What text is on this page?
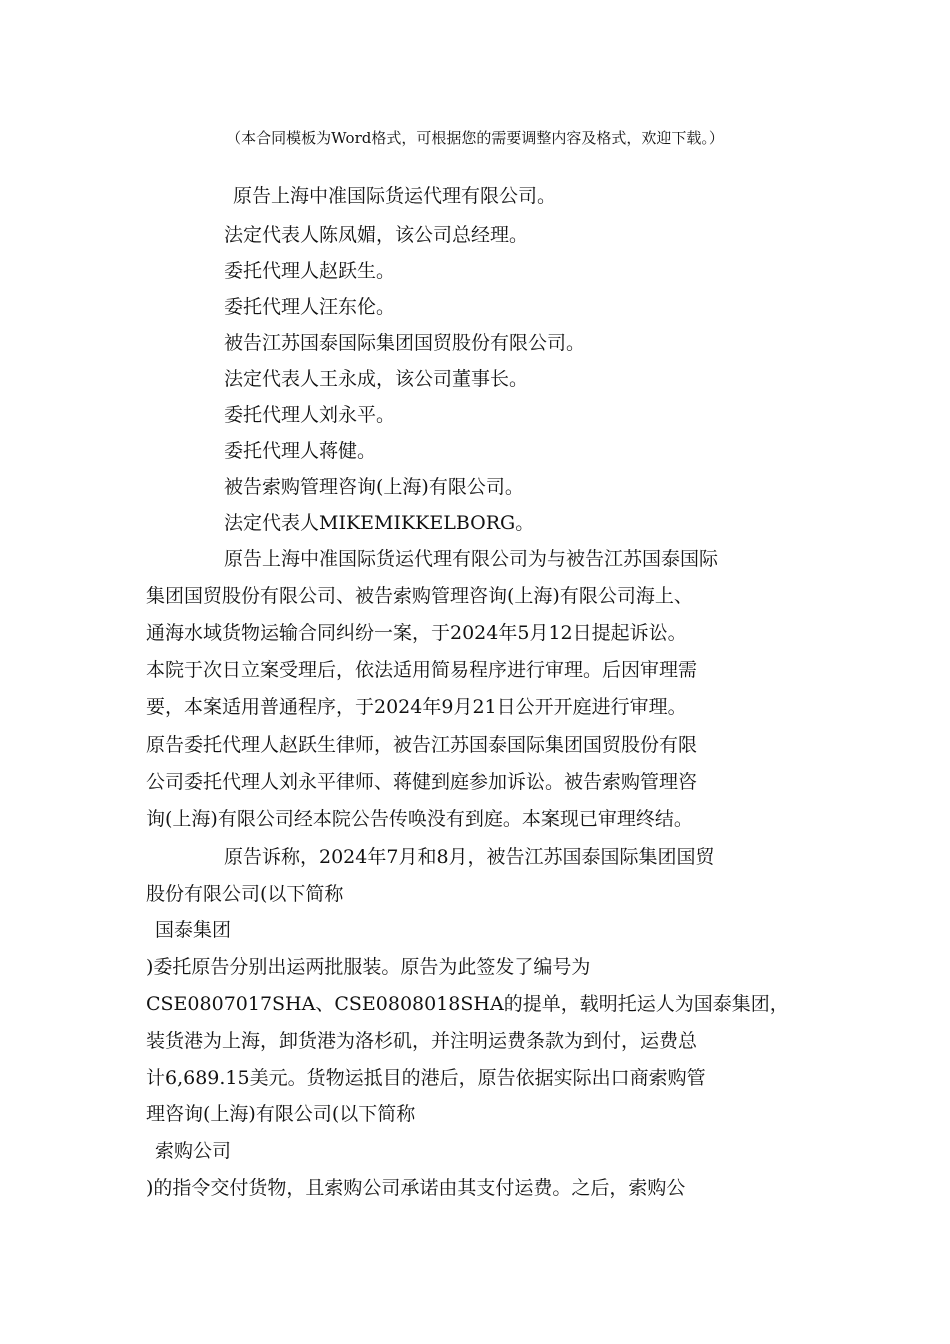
（本合同模板为Word格式，可根据您的需要调整内容及格式，欢迎下载。）
原告上海中准国际货运代理有限公司。
法定代表人陈凤媚，该公司总经理。
委托代理人赵跃生。
委托代理人汪东伦。
被告江苏国泰国际集团国贸股份有限公司。
法定代表人王永成，该公司董事长。
委托代理人刘永平。
委托代理人蒋健。
被告索购管理咨询(上海)有限公司。
法定代表人MIKEMIKKELBORG。
原告上海中准国际货运代理有限公司为与被告江苏国泰国际
集团国贸股份有限公司、被告索购管理咨询(上海)有限公司海上、
通海水域货物运输合同纠纷一案，于2024年5月12日提起诉讼。
本院于次日立案受理后，依法适用简易程序进行审理。后因审理需
要，本案适用普通程序，于2024年9月21日公开开庭进行审理。
原告委托代理人赵跃生律师，被告江苏国泰国际集团国贸股份有限
公司委托代理人刘永平律师、蒋健到庭参加诉讼。被告索购管理咨
询(上海)有限公司经本院公告传唤没有到庭。本案现已审理终结。
原告诉称，2024年7月和8月，被告江苏国泰国际集团国贸
股份有限公司(以下简称
国泰集团
)委托原告分别出运两批服装。原告为此签发了编号为
CSE0807017SHA、CSE0808018SHA的提单，载明托运人为国泰集团，
装货港为上海，卸货港为洛杉矶，并注明运费条款为到付，运费总
计6,689.15美元。货物运抵目的港后，原告依据实际出口商索购管
理咨询(上海)有限公司(以下简称
索购公司
)的指令交付货物，且索购公司承诺由其支付运费。之后，索购公
